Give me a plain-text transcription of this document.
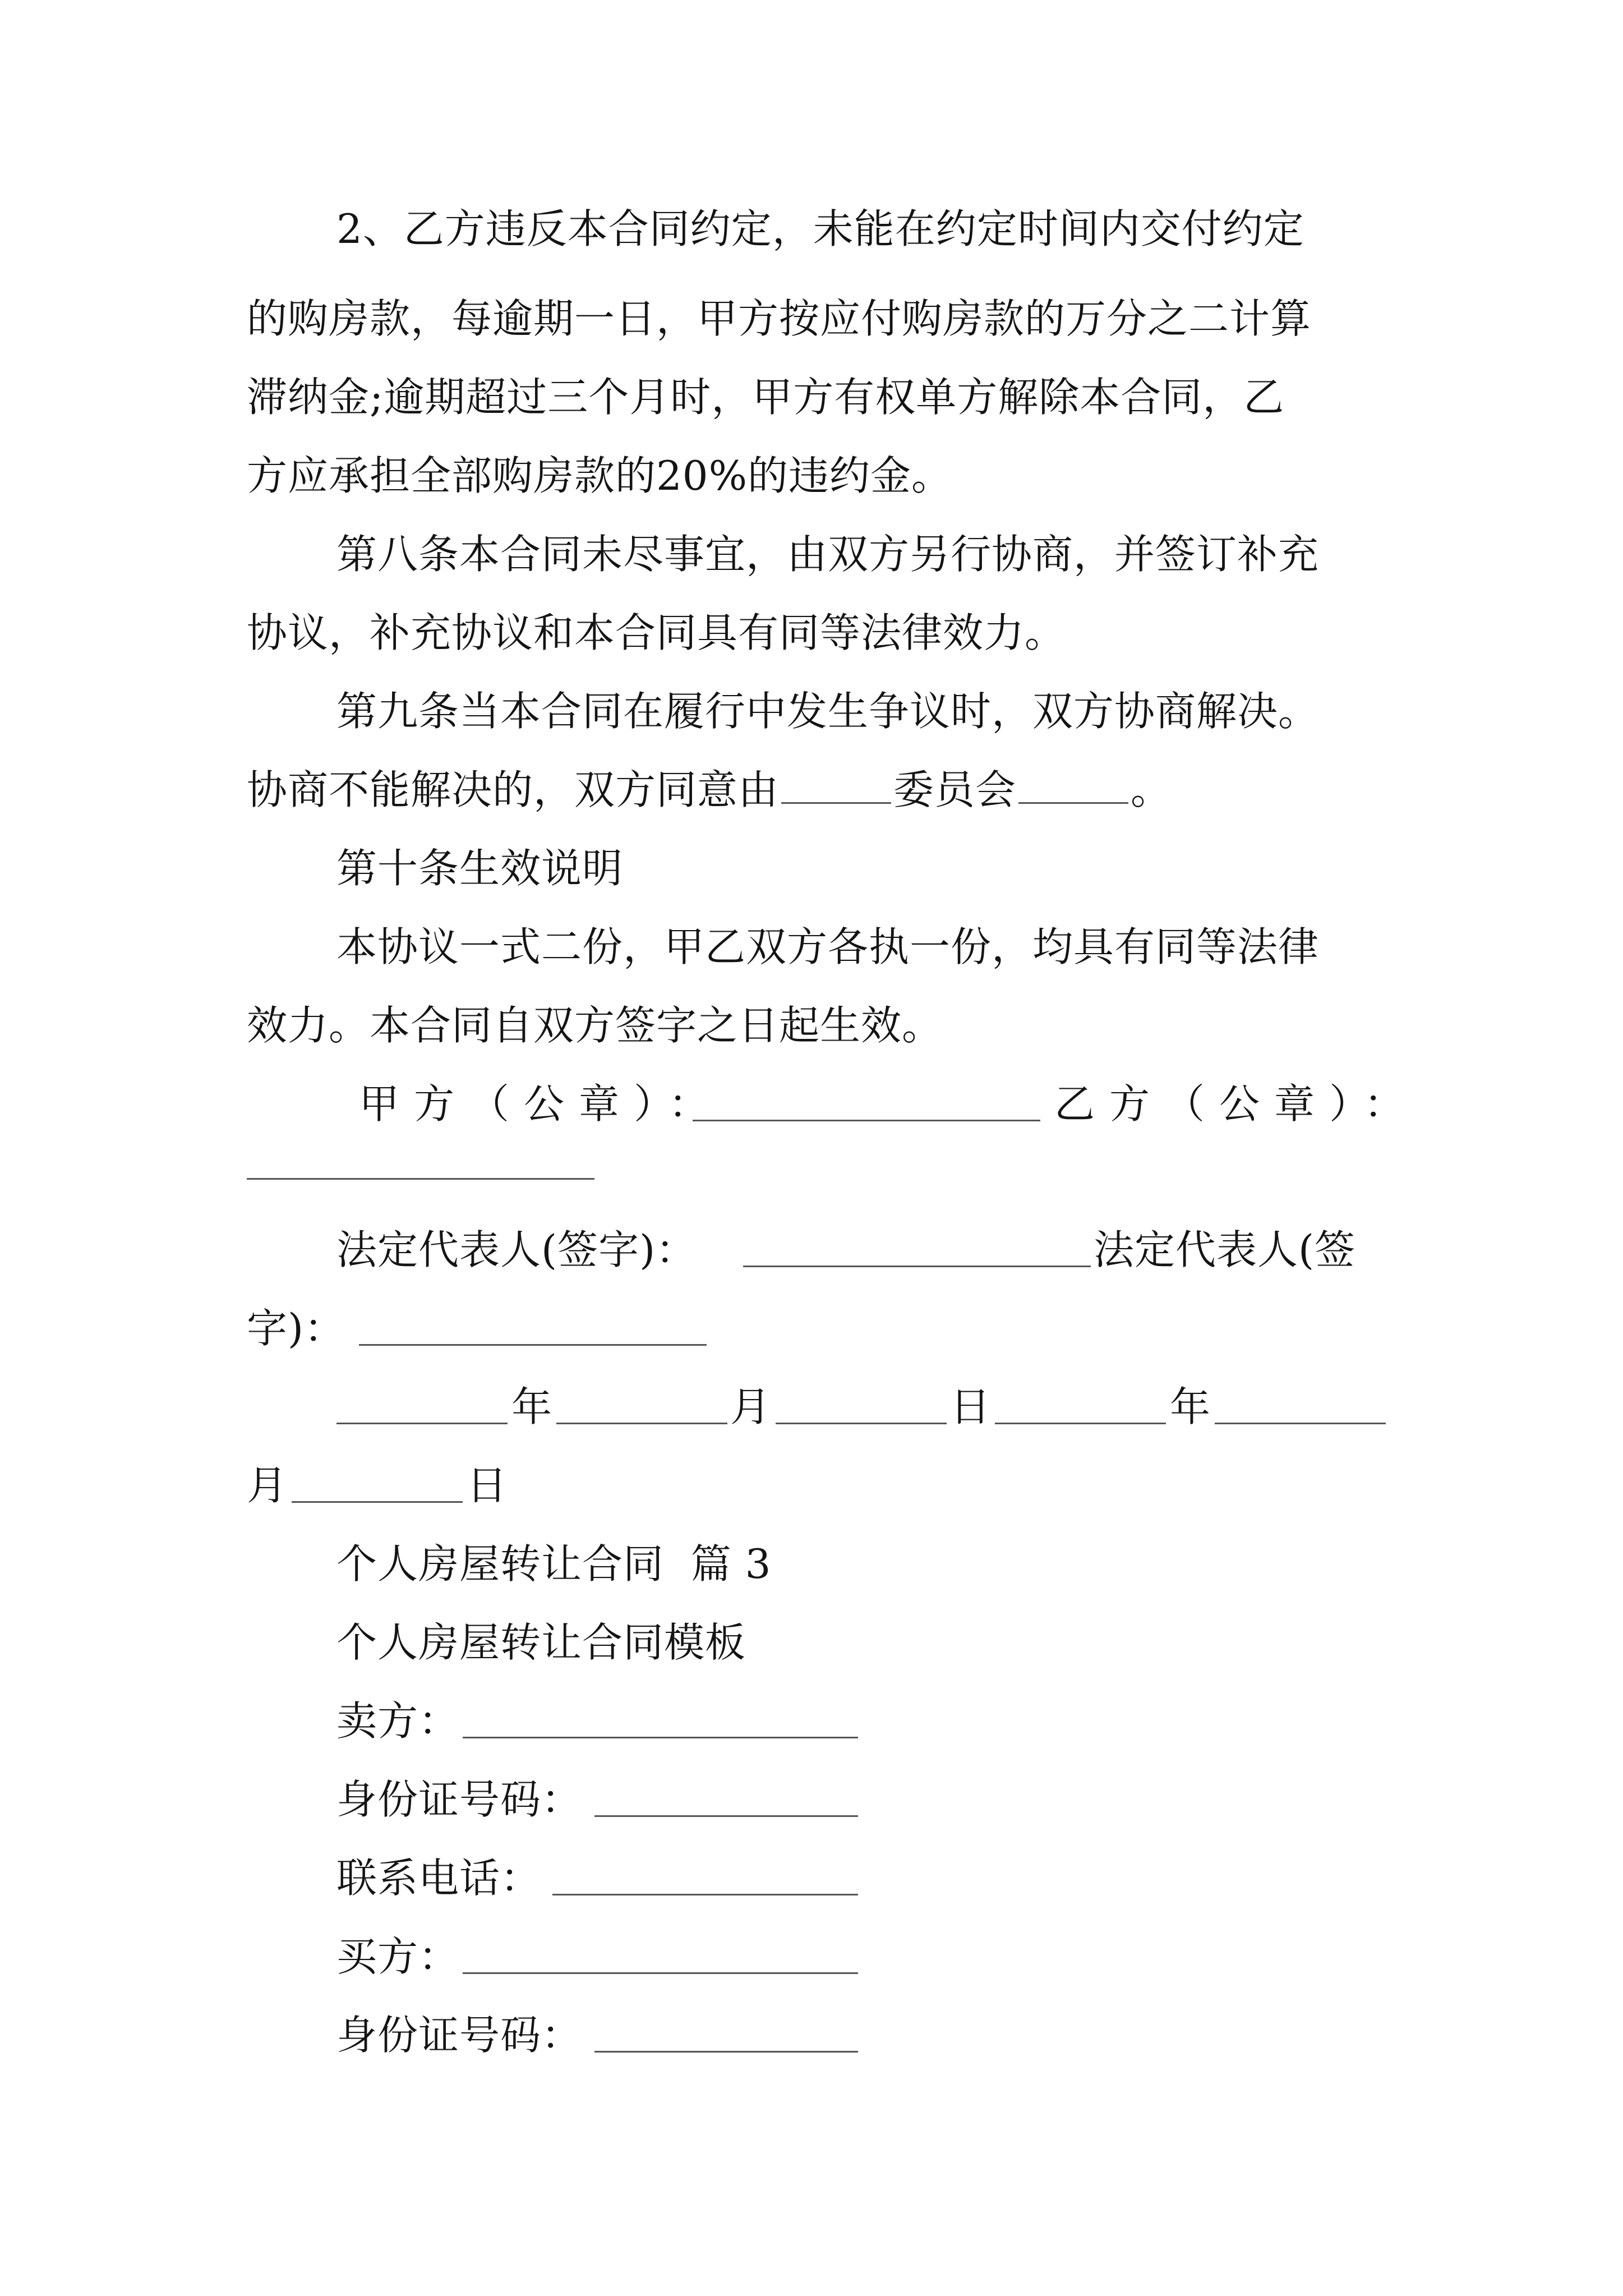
2、乙方违反本合同约定，未能在约定时间内交付约定
的购房款，每逾期一日，甲方按应付购房款的万分之二计算
滞纳金;逾期超过三个月时，甲方有权单方解除本合同，乙
方应承担全部购房款的20%的违约金。
第八条本合同未尽事宜，由双方另行协商，并签订补充
协议，补充协议和本合同具有同等法律效力。
第九条当本合同在履行中发生争议时，双方协商解决。
协商不能解决的，双方同意由	委员会	。
第十条生效说明
本协议一式二份，甲乙双方各执一份，均具有同等法律
效力。本合同自双方签字之日起生效。
甲方（公章）：	乙方（公章）：
法定代表人(签字)：	法定代表人(签
字)：
年	月	日	年
月	日
个人房屋转让合同  篇 3
个人房屋转让合同模板
卖方：
身份证号码：
联系电话：
买方：
身份证号码：
